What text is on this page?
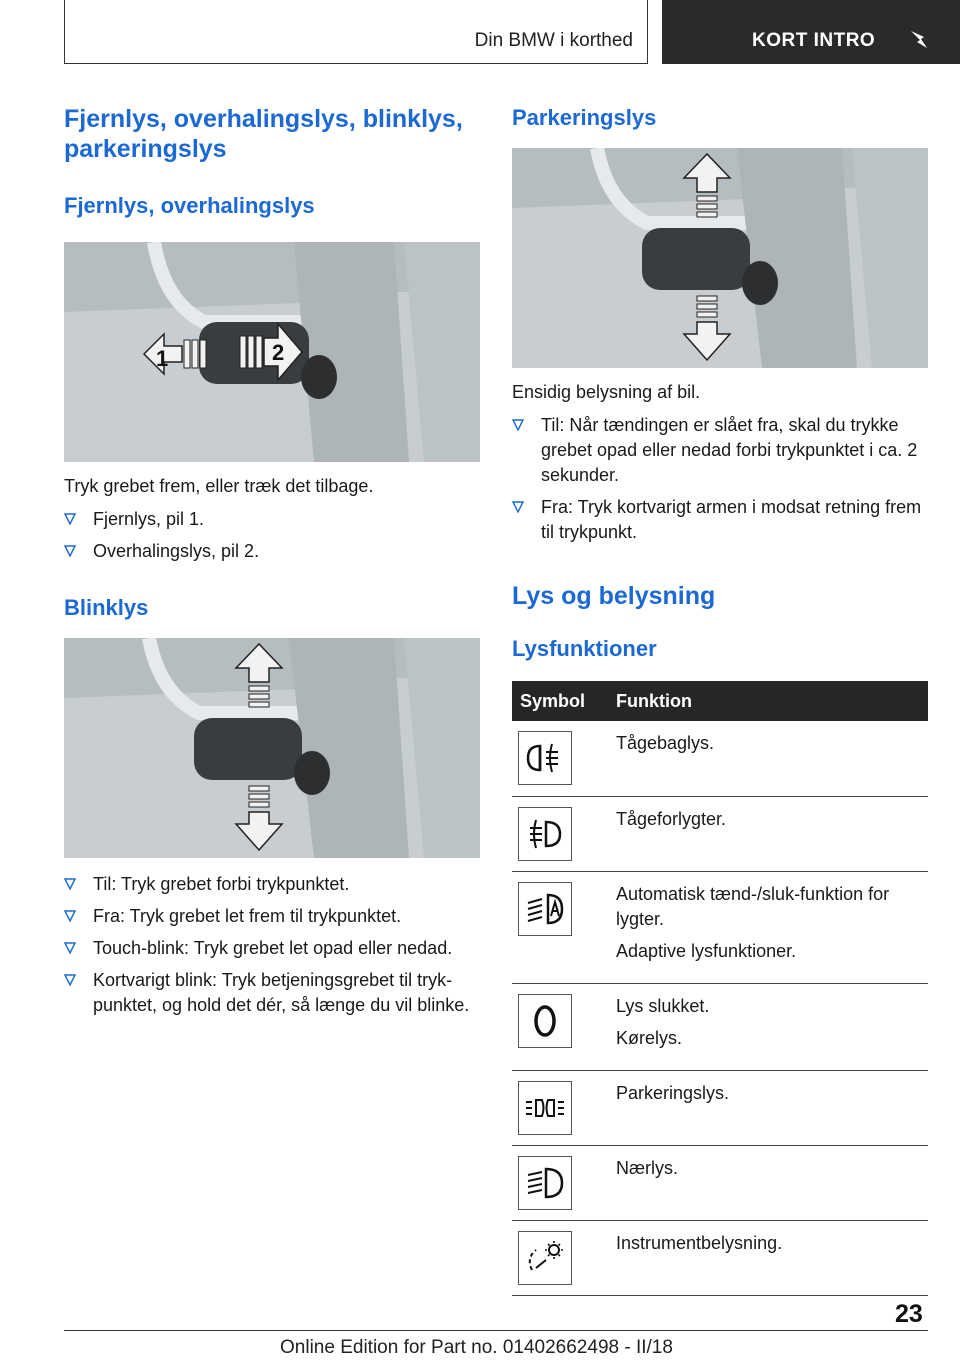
Din BMW i korthed	KORT INTRO
Fjernlys, overhalingslys, blinklys, parkeringslys
Fjernlys, overhalingslys
1	2

Tryk grebet frem, eller træk det tilbage.

Fjernlys, pil 1.
Overhalingslys, pil 2.
Blinklys
Til: Tryk grebet forbi trykpunktet.
Fra: Tryk grebet let frem til trykpunktet.
Touch-blink: Tryk grebet let opad eller nedad.
Kortvarigt blink: Tryk betjeningsgrebet til tryk-punktet, og hold det dér, så længe du vil blinke.
Parkeringslys

Ensidig belysning af bil.

Til: Når tændingen er slået fra, skal du trykke grebet opad eller nedad forbi trykpunktet i ca. 2 sekunder.
Fra: Tryk kortvarigt armen i modsat retning frem til trykpunkt.
Lys og belysning
Lysfunktioner
Symbol	Funktion

Tågebaglys.

Tågeforlygter.

Automatisk tænd-/sluk-funktion for lygter.

Adaptive lysfunktioner.

Lys slukket.

Kørelys.

Parkeringslys.

Nærlys.

Instrumentbelysning.

23
Online Edition for Part no. 01402662498 - II/18
